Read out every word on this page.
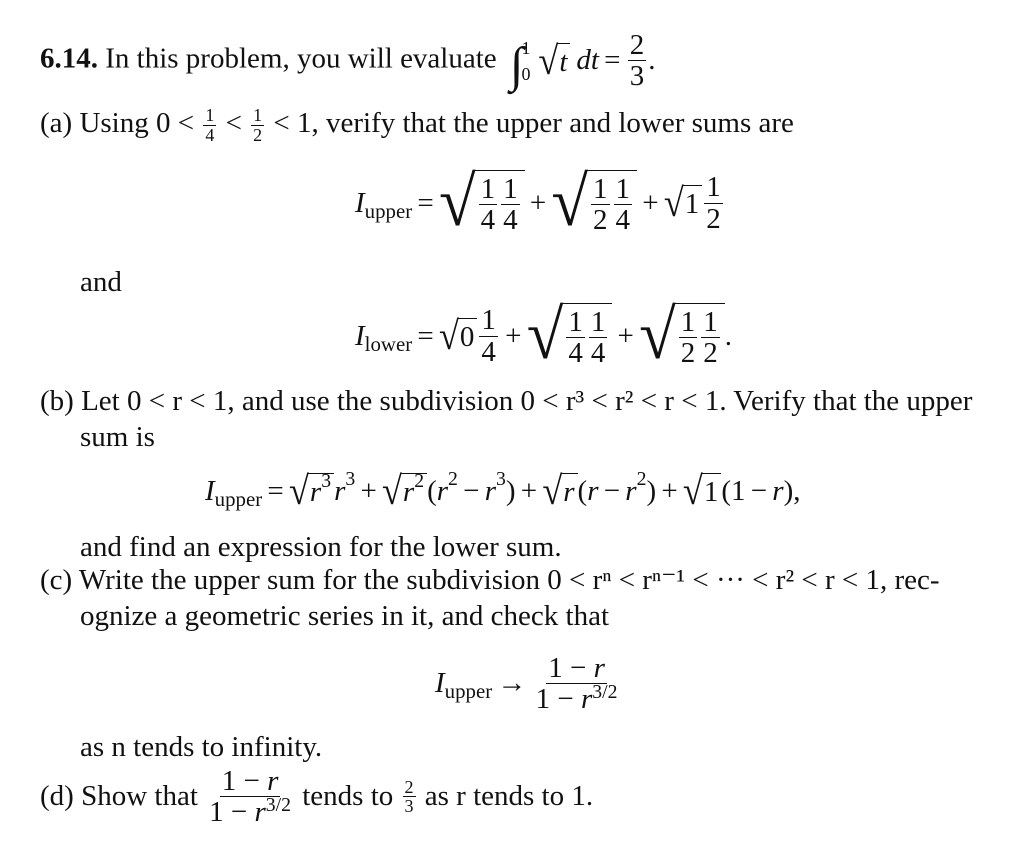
6.14. In this problem, you will evaluate ∫
1
0 √ t dt = $\frac{2}{3}$ .
(a) Using $0 < \frac{1}{4} < \frac{1}{2} < 1$, verify that the upper and lower sums are
I upper = √ $\frac{1}{4} \frac{1}{4}$ + √ $\frac{1}{2} \frac{1}{4}$ + √ $1 \frac{1}{2}$
and
I lower = √ $0 \frac{1}{4}$ + √ $\frac{1}{4} \frac{1}{4}$ + √ $\frac{1}{2} \frac{1}{2}$ .
(b) Let 0 < r < 1, and use the subdivision 0 < r³ < r² < r < 1. Verify that the upper
sum is
I upper = √ r 3 r 3 + √ r 2 ( r 2 − r 3 ) + √ r ( r − r 2 ) + √ 1 (1 − r ),
and find an expression for the lower sum.
(c) Write the upper sum for the subdivision 0 < rⁿ < rⁿ⁻¹ < ··· < r² < r < 1, rec-
ognize a geometric series in it, and check that
I upper → $\frac{1 - r}{1 - r^{3/2}}$
as n tends to infinity.
(d)
Show that
$\frac{1 - r}{1 - r^{3/2}}$
tends to
$\frac{2}{3}$
as r tends to 1.
